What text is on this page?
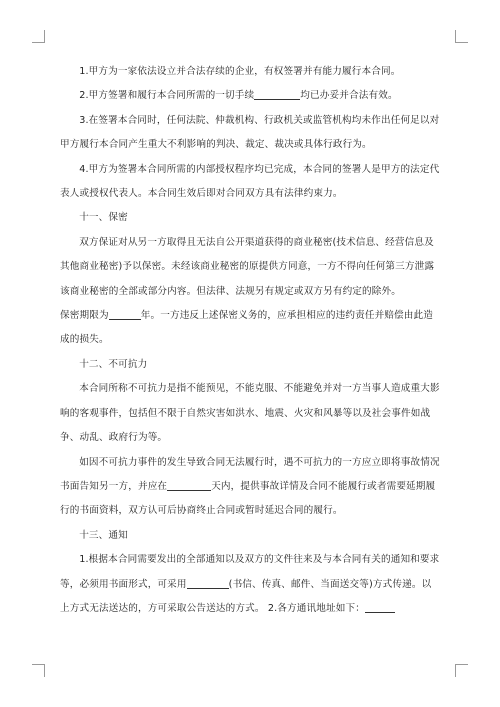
1.甲方为一家依法设立并合法存续的企业，有权签署并有能力履行本合同。

2.甲方签署和履行本合同所需的一切手续	均已办妥并合法有效。

3.在签署本合同时，任何法院、仲裁机构、行政机关或监管机构均未作出任何足以对甲方履行本合同产生重大不利影响的判决、裁定、裁决或具体行政行为。

4.甲方为签署本合同所需的内部授权程序均已完成，本合同的签署人是甲方的法定代表人或授权代表人。本合同生效后即对合同双方具有法律约束力。

十一、保密

双方保证对从另一方取得且无法自公开渠道获得的商业秘密(技术信息、经营信息及其他商业秘密)予以保密。未经该商业秘密的原提供方同意，一方不得向任何第三方泄露该商业秘密的全部或部分内容。但法律、法规另有规定或双方另有约定的除外。

保密期限为	年。一方违反上述保密义务的，应承担相应的违约责任并赔偿由此造成的损失。

十二、不可抗力

本合同所称不可抗力是指不能预见，不能克服、不能避免并对一方当事人造成重大影响的客观事件，包括但不限于自然灾害如洪水、地震、火灾和风暴等以及社会事件如战争、动乱、政府行为等。

如因不可抗力事件的发生导致合同无法履行时，遇不可抗力的一方应立即将事故情况书面告知另一方，并应在	天内，提供事故详情及合同不能履行或者需要延期履行的书面资料，双方认可后协商终止合同或暂时延迟合同的履行。

十三、通知

1.根据本合同需要发出的全部通知以及双方的文件往来及与本合同有关的通知和要求等，必须用书面形式，可采用	(书信、传真、邮件、当面送交等)方式传递。以上方式无法送达的，方可采取公告送达的方式。 2.各方通讯地址如下：
